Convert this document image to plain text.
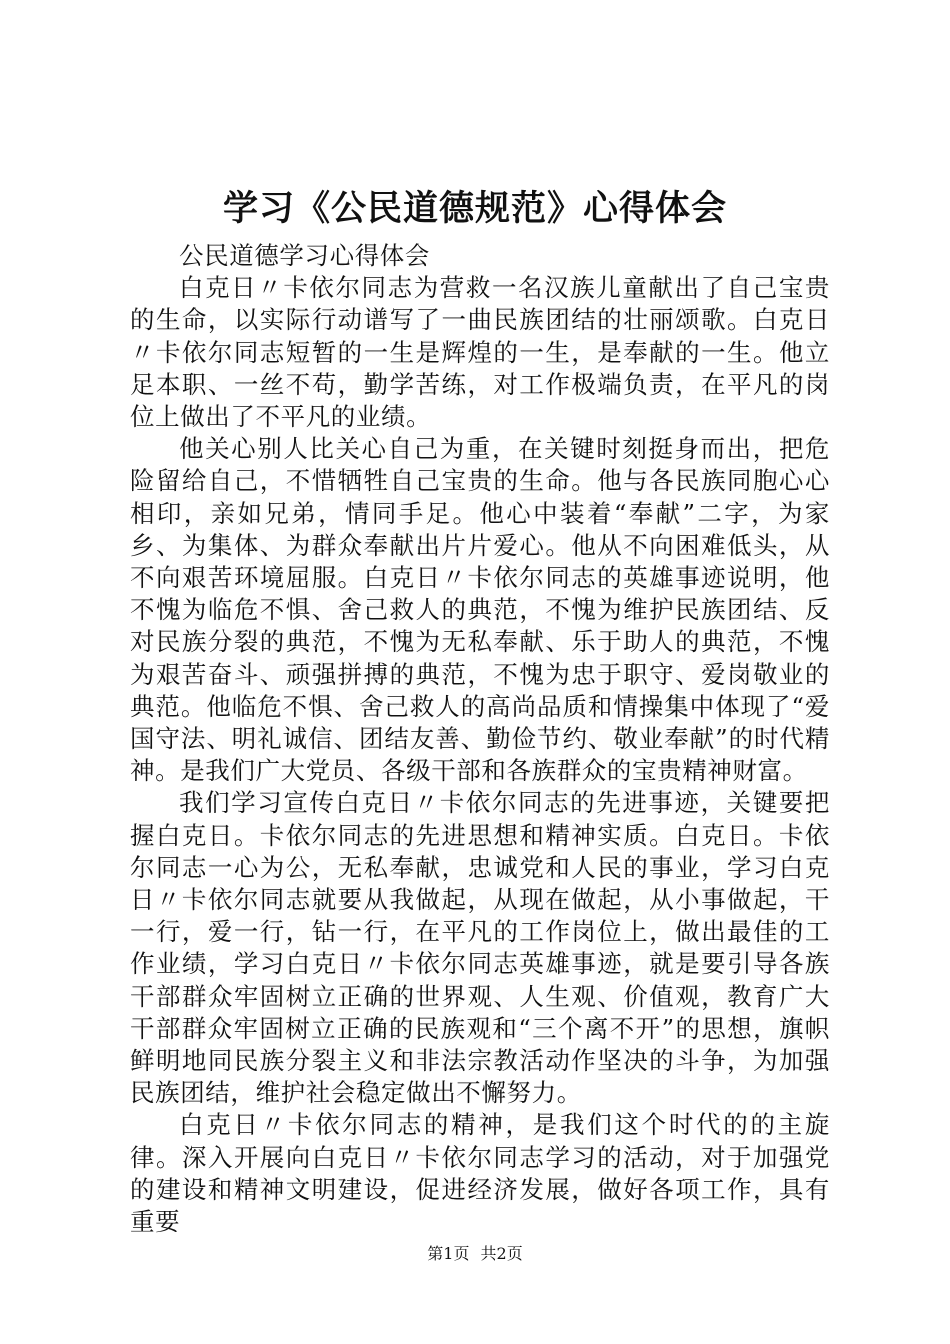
学习《公民道德规范》心得体会

公民道德学习心得体会

白克日〃卡依尔同志为营救一名汉族儿童献出了自己宝贵的生命，以实际行动谱写了一曲民族团结的壮丽颂歌。白克日〃卡依尔同志短暂的一生是辉煌的一生，是奉献的一生。他立足本职、一丝不苟，勤学苦练，对工作极端负责，在平凡的岗位上做出了不平凡的业绩。

他关心别人比关心自己为重，在关键时刻挺身而出，把危险留给自己，不惜牺牲自己宝贵的生命。他与各民族同胞心心相印，亲如兄弟，情同手足。他心中装着“奉献”二字，为家乡、为集体、为群众奉献出片片爱心。他从不向困难低头，从不向艰苦环境屈服。白克日〃卡依尔同志的英雄事迹说明，他不愧为临危不惧、舍己救人的典范，不愧为维护民族团结、反对民族分裂的典范，不愧为无私奉献、乐于助人的典范，不愧为艰苦奋斗、顽强拼搏的典范，不愧为忠于职守、爱岗敬业的典范。他临危不惧、舍己救人的高尚品质和情操集中体现了“爱国守法、明礼诚信、团结友善、勤俭节约、敬业奉献”的时代精神。是我们广大党员、各级干部和各族群众的宝贵精神财富。

我们学习宣传白克日〃卡依尔同志的先进事迹，关键要把握白克日。卡依尔同志的先进思想和精神实质。白克日。卡依尔同志一心为公，无私奉献，忠诚党和人民的事业，学习白克日〃卡依尔同志就要从我做起，从现在做起，从小事做起，干一行，爱一行，钻一行，在平凡的工作岗位上，做出最佳的工作业绩，学习白克日〃卡依尔同志英雄事迹，就是要引导各族干部群众牢固树立正确的世界观、人生观、价值观，教育广大干部群众牢固树立正确的民族观和“三个离不开”的思想，旗帜鲜明地同民族分裂主义和非法宗教活动作坚决的斗争，为加强民族团结，维护社会稳定做出不懈努力。

白克日〃卡依尔同志的精神，是我们这个时代的的主旋律。深入开展向白克日〃卡依尔同志学习的活动，对于加强党的建设和精神文明建设，促进经济发展，做好各项工作，具有重要

第1页 共2页
